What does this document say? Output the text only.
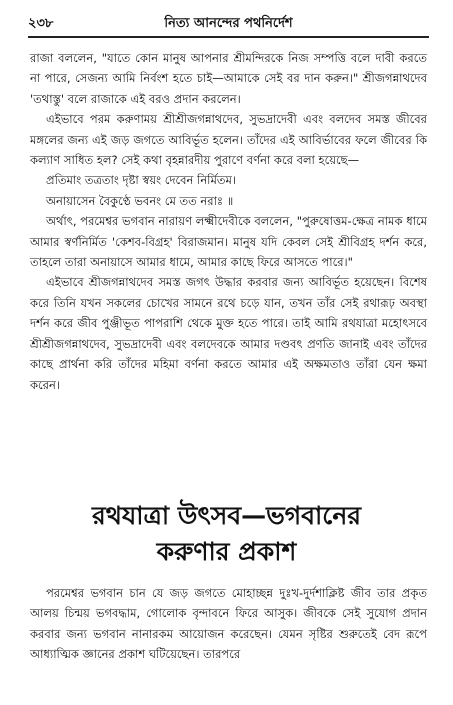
২৩৮	নিত্য আনন্দের পথনির্দেশ

রাজা বললেন, "যাতে কোন মানুষ আপনার শ্রীমন্দিরকে নিজ সম্পত্তি বলে দাবী করতে না পারে, সেজন্য আমি নির্বংশ হতে চাই—আমাকে সেই বর দান করুন।" শ্রীজগন্নাথদেব 'তথাস্তু' বলে রাজাকে এই বরও প্রদান করলেন।

এইভাবে পরম করুণাময় শ্রীশ্রীজগন্নাথদেব, সুভদ্রাদেবী এবং বলদেব সমস্ত জীবের মঙ্গলের জন্য এই জড় জগতে আবির্ভূত হলেন। তাঁদের এই আবির্ভাবের ফলে জীবের কি কল্যাণ সাধিত হল? সেই কথা বৃহন্নারদীয় পুরাণে বর্ণনা করে বলা হয়েছে—

প্রতিমাং তত্রতাং দৃষ্টা স্বয়ং দেবেন নির্মিতম।
অনায়াসেন বৈকুণ্ঠে ভবনং মে তত নরাঃ ॥

অর্থাৎ, পরমেশ্বর ভগবান নারায়ণ লক্ষ্মীদেবীকে বললেন, "পুরুষোত্তম-ক্ষেত্র নামক ধামে আমার স্বর্ণনির্মিত 'কেশব-বিগ্রহ' বিরাজমান। মানুষ যদি কেবল সেই শ্রীবিগ্রহ দর্শন করে, তাহলে তারা অনায়াসে আমার ধামে, আমার কাছে ফিরে আসতে পারে।"

এইভাবে শ্রীজগন্নাথদেব সমস্ত জগৎ উদ্ধার করবার জন্য আবির্ভূত হয়েছেন। বিশেষ করে তিনি যখন সকলের চোখের সামনে রথে চড়ে যান, তখন তাঁর সেই রথারূঢ় অবস্থা দর্শন করে জীব পুঞ্জীভূত পাপরাশি থেকে মুক্ত হতে পারে। তাই আমি রথযাত্রা মহোৎসবে শ্রীশ্রীজগন্নাথদেব, সুভদ্রাদেবী এবং বলদেবকে আমার দণ্ডবৎ প্রণতি জানাই এবং তাঁদের কাছে প্রার্থনা করি তাঁদের মহিমা বর্ণনা করতে আমার এই অক্ষমতাও তাঁরা যেন ক্ষমা করেন।

রথযাত্রা উৎসব—ভগবানের
করুণার প্রকাশ

পরমেশ্বর ভগবান চান যে জড় জগতে মোহাচ্ছন্ন দুঃখ-দুর্দশাক্লিষ্ট জীব তার প্রকৃত আলয় চিন্ময় ভগবদ্ধাম, গোলোক বৃন্দাবনে ফিরে আসুক। জীবকে সেই সুযোগ প্রদান করবার জন্য ভগবান নানারকম আয়োজন করেছেন। যেমন সৃষ্টির শুরুতেই বেদ রূপে আধ্যাত্মিক জ্ঞানের প্রকাশ ঘটিয়েছেন। তারপরে
